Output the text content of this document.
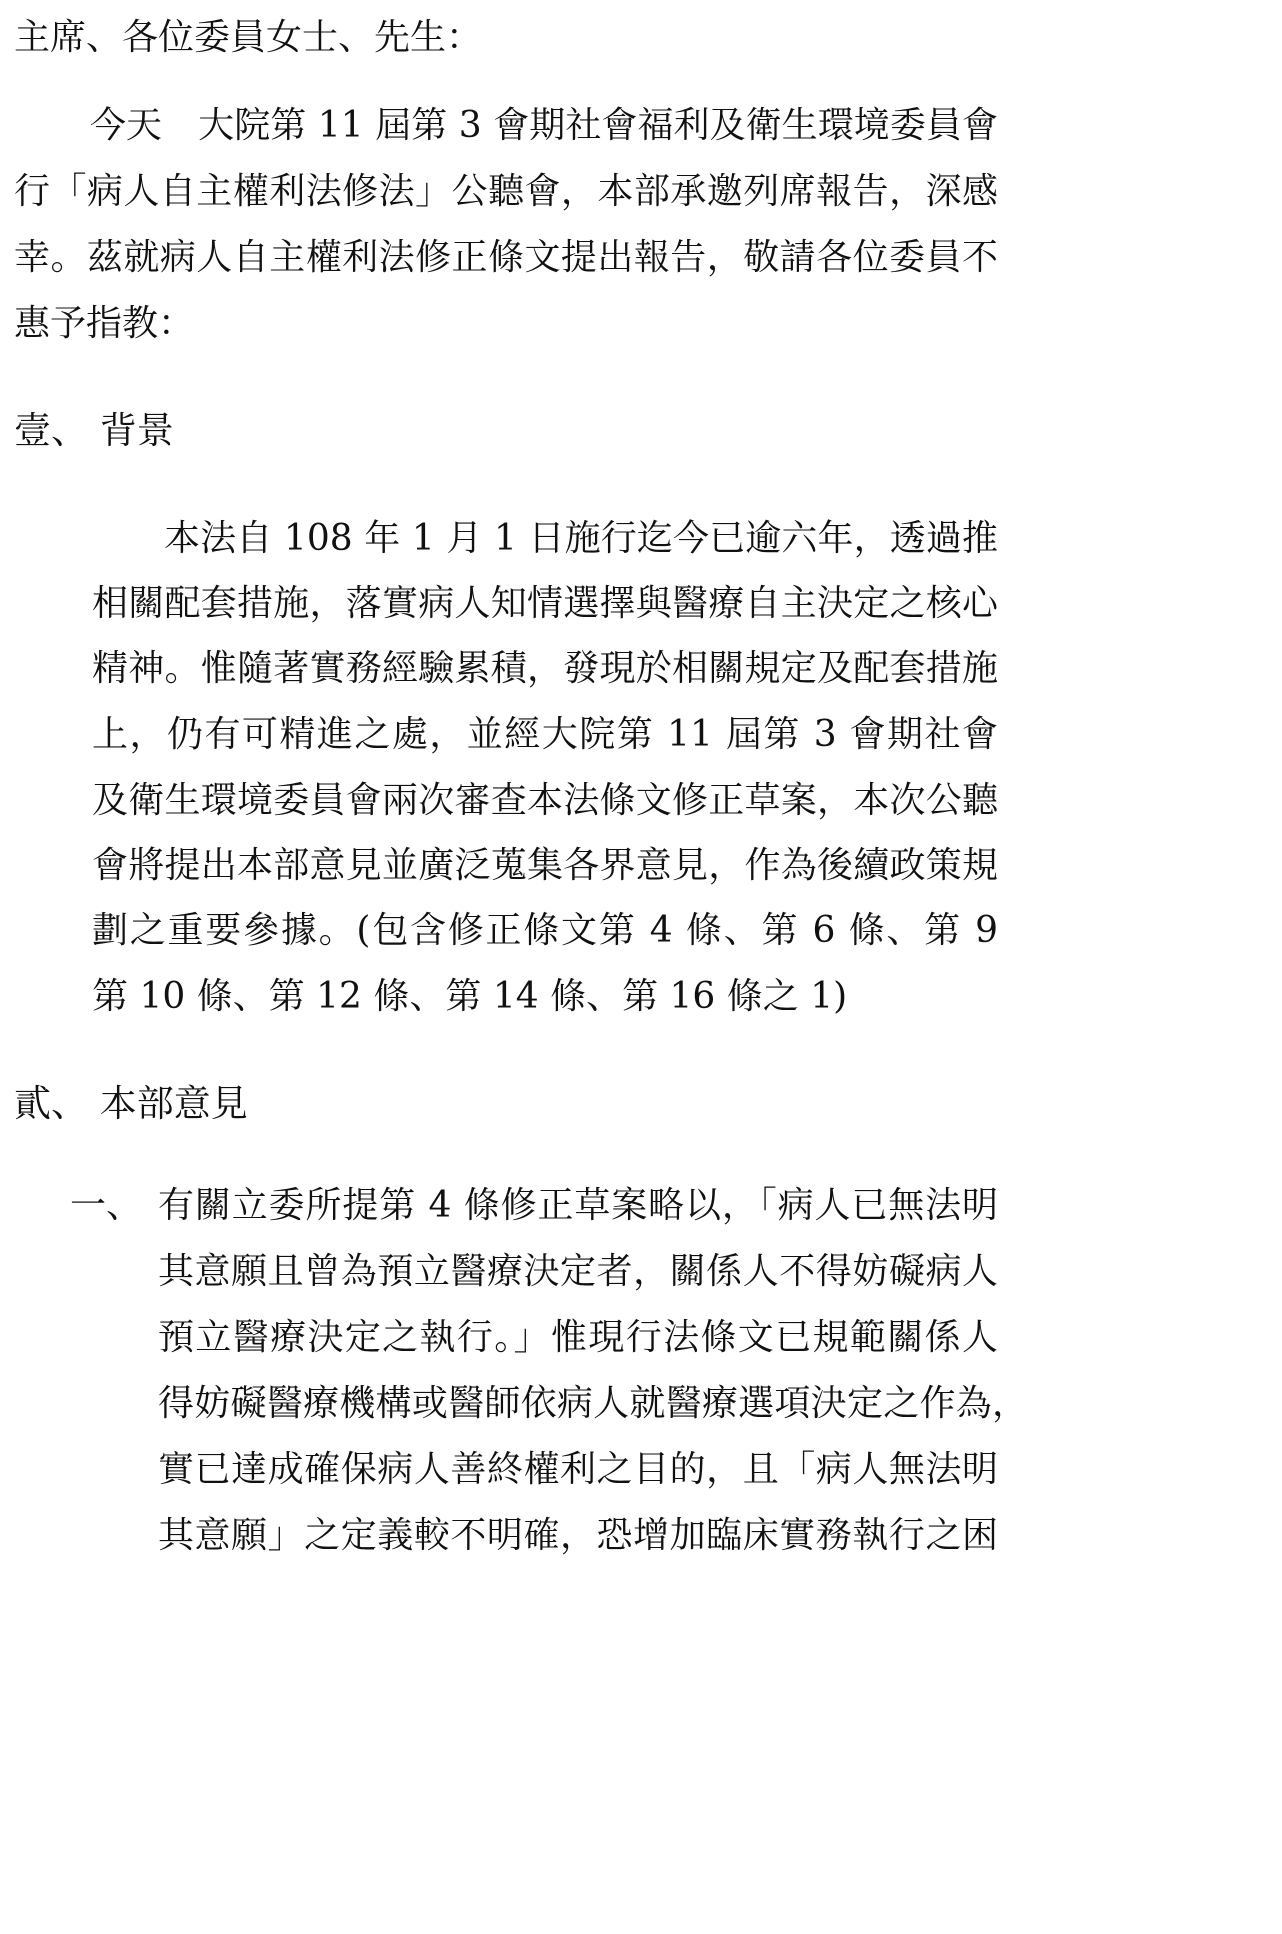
主席、各位委員女士、先生：
今天　大院第 11 屆第 3 會期社會福利及衛生環境委員會
行「病人自主權利法修法」公聽會，本部承邀列席報告，深感
幸。茲就病人自主權利法修正條文提出報告，敬請各位委員不
惠予指教：
壹、 背景
本法自 108 年 1 月 1 日施行迄今已逾六年，透過推
相關配套措施，落實病人知情選擇與醫療自主決定之核心
精神。惟隨著實務經驗累積，發現於相關規定及配套措施
上，仍有可精進之處，並經大院第 11 屆第 3 會期社會
及衛生環境委員會兩次審查本法條文修正草案，本次公聽
會將提出本部意見並廣泛蒐集各界意見，作為後續政策規
劃之重要參據。(包含修正條文第 4 條、第 6 條、第 9
第 10 條、第 12 條、第 14 條、第 16 條之 1)
貳、 本部意見
一、 有關立委所提第 4 條修正草案略以，「病人已無法明
其意願且曾為預立醫療決定者，關係人不得妨礙病人
預立醫療決定之執行。」惟現行法條文已規範關係人
得妨礙醫療機構或醫師依病人就醫療選項決定之作為，
實已達成確保病人善終權利之目的，且「病人無法明
其意願」之定義較不明確，恐增加臨床實務執行之困
